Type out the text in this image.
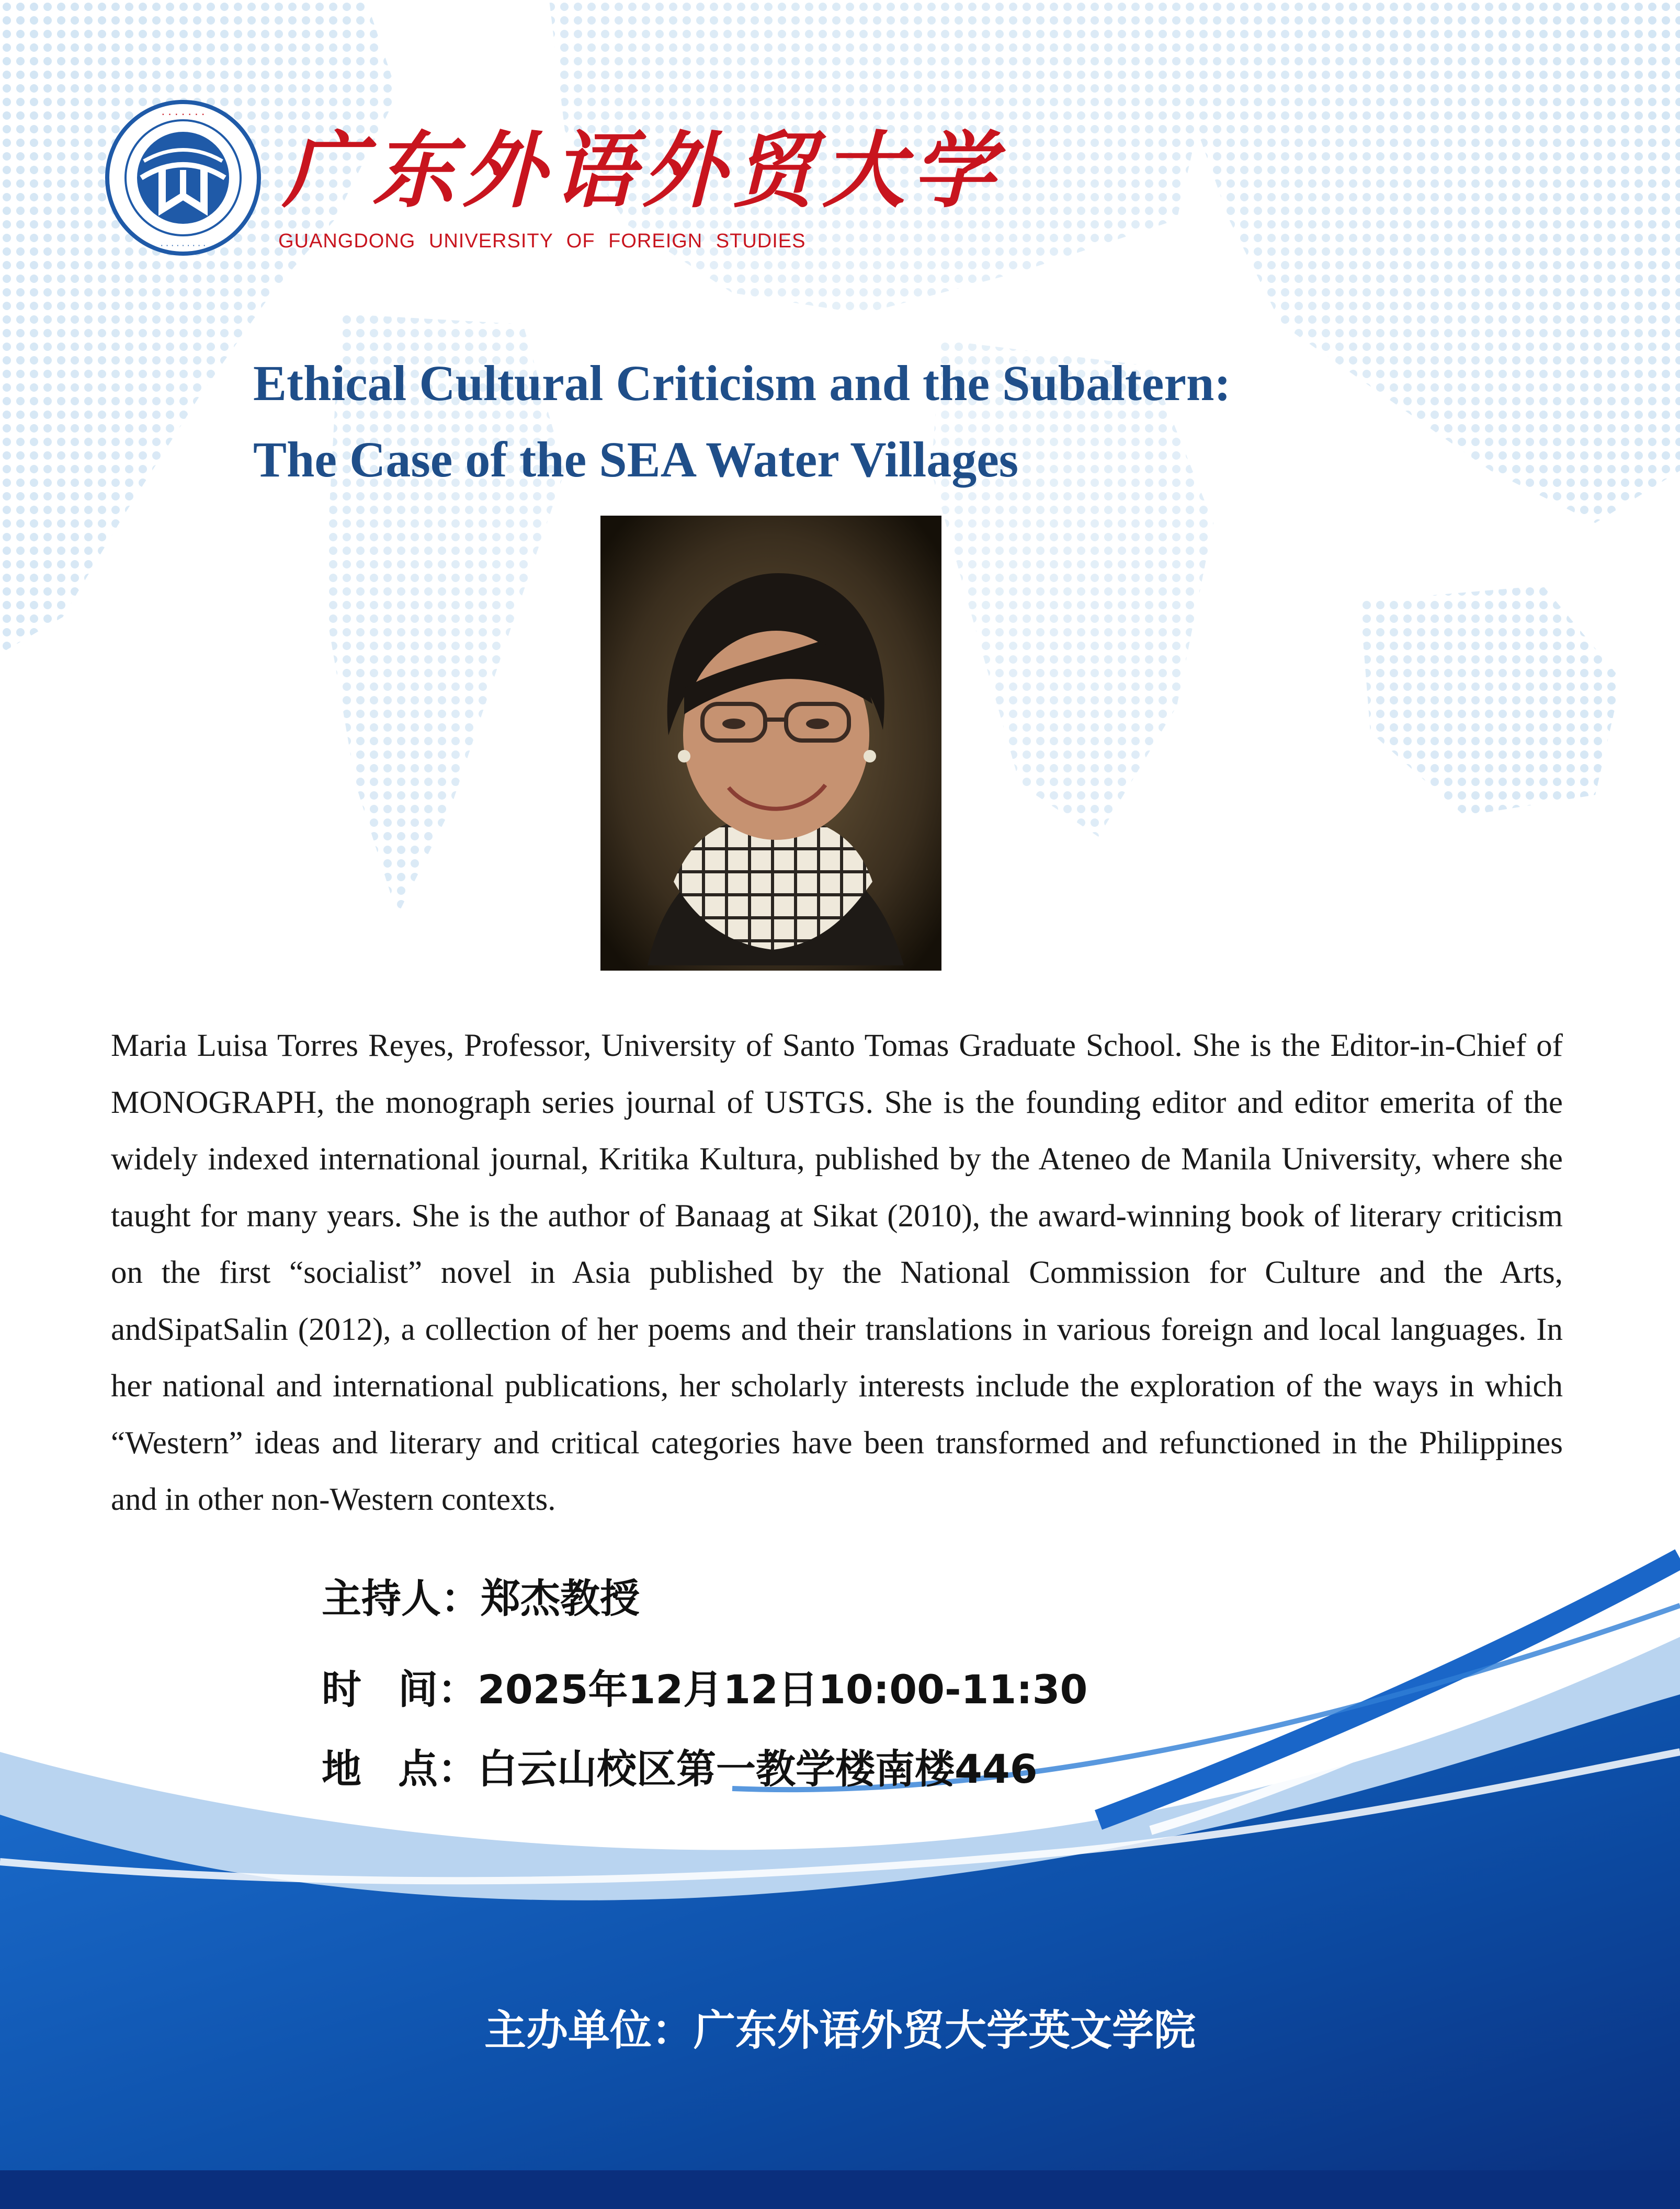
· · · · · · ·
· · · · · · · · ·
广东外语外贸大学
GUANGDONG UNIVERSITY OF FOREIGN STUDIES
Ethical Cultural Criticism and the Subaltern:
The Case of the SEA Water Villages
Maria Luisa Torres Reyes, Professor, University of Santo Tomas Graduate School. She is the Editor-in-Chief of MONOGRAPH, the monograph series journal of USTGS. She is the founding editor and editor emerita of the widely indexed international journal, Kritika Kultura, published by the Ateneo de Manila University, where she taught for many years. She is the author of Banaag at Sikat (2010), the award-winning book of literary criticism on the first “socialist” novel in Asia published by the National Commission for Culture and the Arts, andSipatSalin (2012), a collection of her poems and their translations in various foreign and local languages. In her national and international publications, her scholarly interests include the exploration of the ways in which “Western” ideas and literary and critical categories have been transformed and refunctioned in the Philippines and in other non-Western contexts.
主持人：郑杰教授
时 间：2025年12月12日10:00-11:30
地 点：白云山校区第一教学楼南楼446
主办单位：广东外语外贸大学英文学院
